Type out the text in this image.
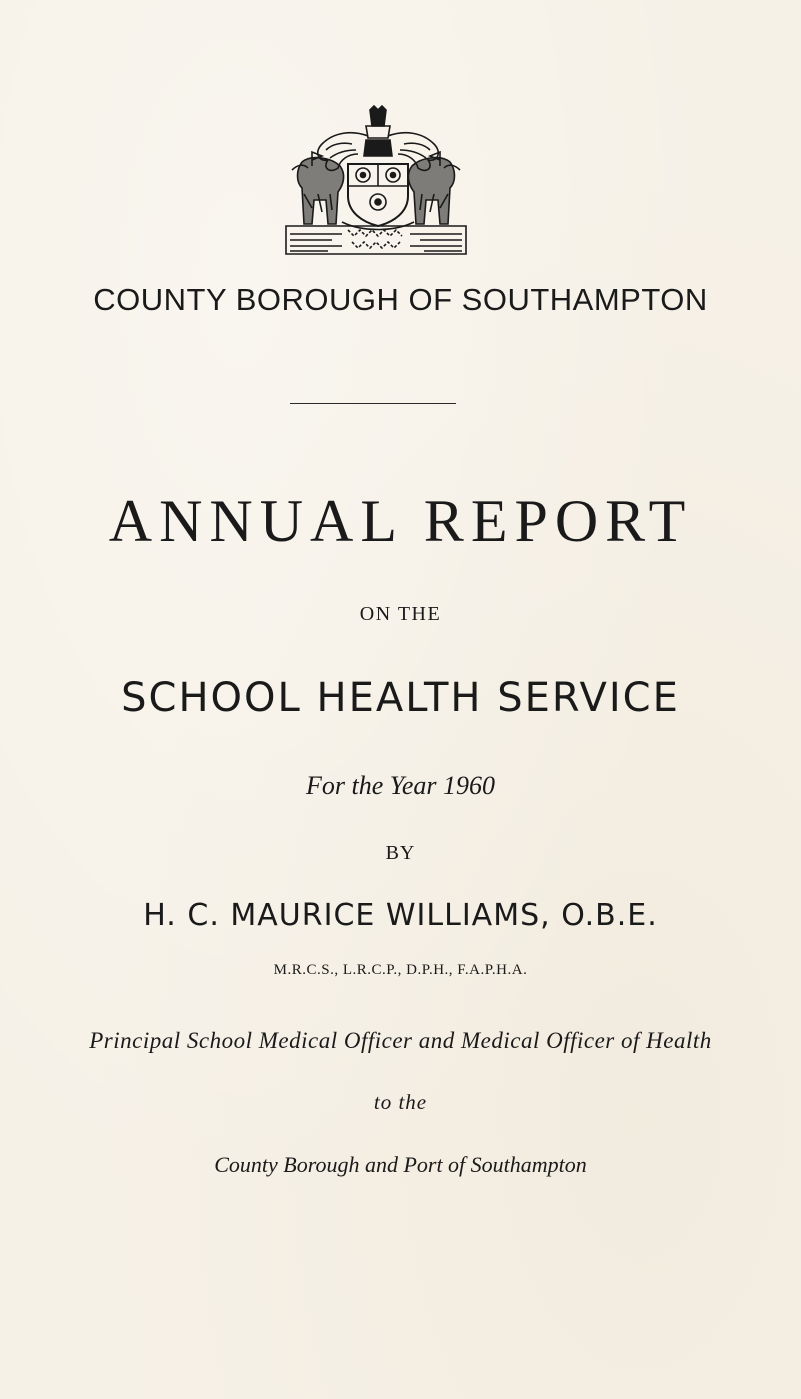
COUNTY BOROUGH OF SOUTHAMPTON
ANNUAL REPORT
ON THE
SCHOOL HEALTH SERVICE
For the Year 1960
BY
H. C. MAURICE WILLIAMS, O.B.E.
M.R.C.S., L.R.C.P., D.P.H., F.A.P.H.A.
Principal School Medical Officer and Medical Officer of Health
to the
County Borough and Port of Southampton
